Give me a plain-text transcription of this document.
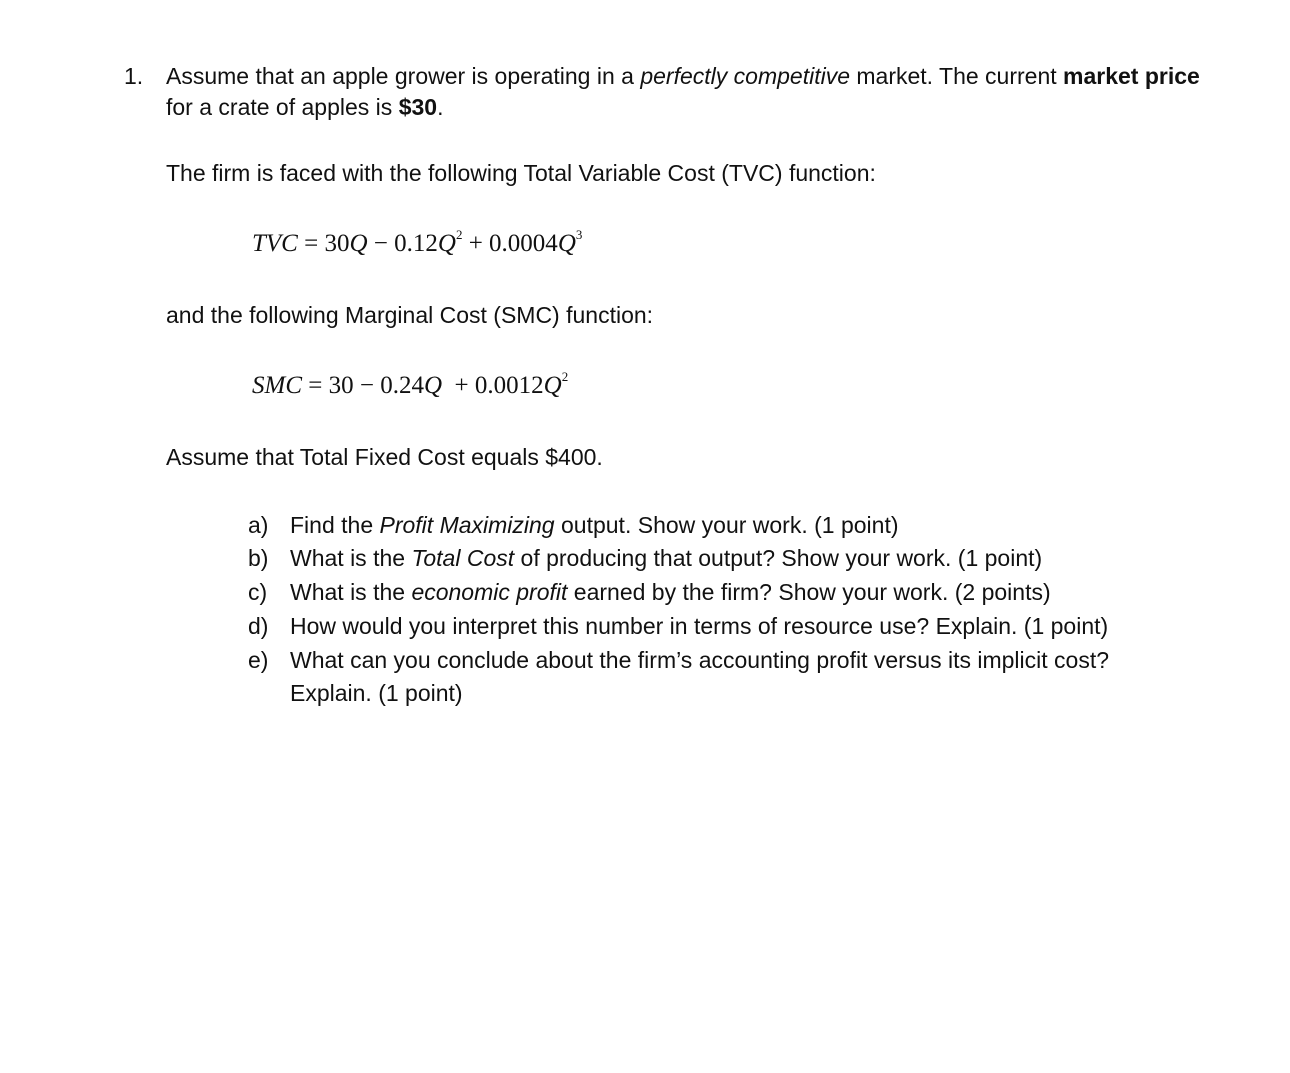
1. Assume that an apple grower is operating in a perfectly competitive market. The current market price
for a crate of apples is $30.
The firm is faced with the following Total Variable Cost (TVC) function:
TVC = $30Q - 0.12Q^2 + 0.0004Q^3$
and the following Marginal Cost (SMC) function:
SMC = $30 - 0.24Q + 0.0012Q^2$
Assume that Total Fixed Cost equals $400.
a) Find the Profit Maximizing output. Show your work. (1 point)
b) What is the Total Cost of producing that output? Show your work. (1 point)
c) What is the economic profit earned by the firm? Show your work. (2 points)
d) How would you interpret this number in terms of resource use? Explain. (1 point)
e) What can you conclude about the firm’s accounting profit versus its implicit cost?
Explain. (1 point)
